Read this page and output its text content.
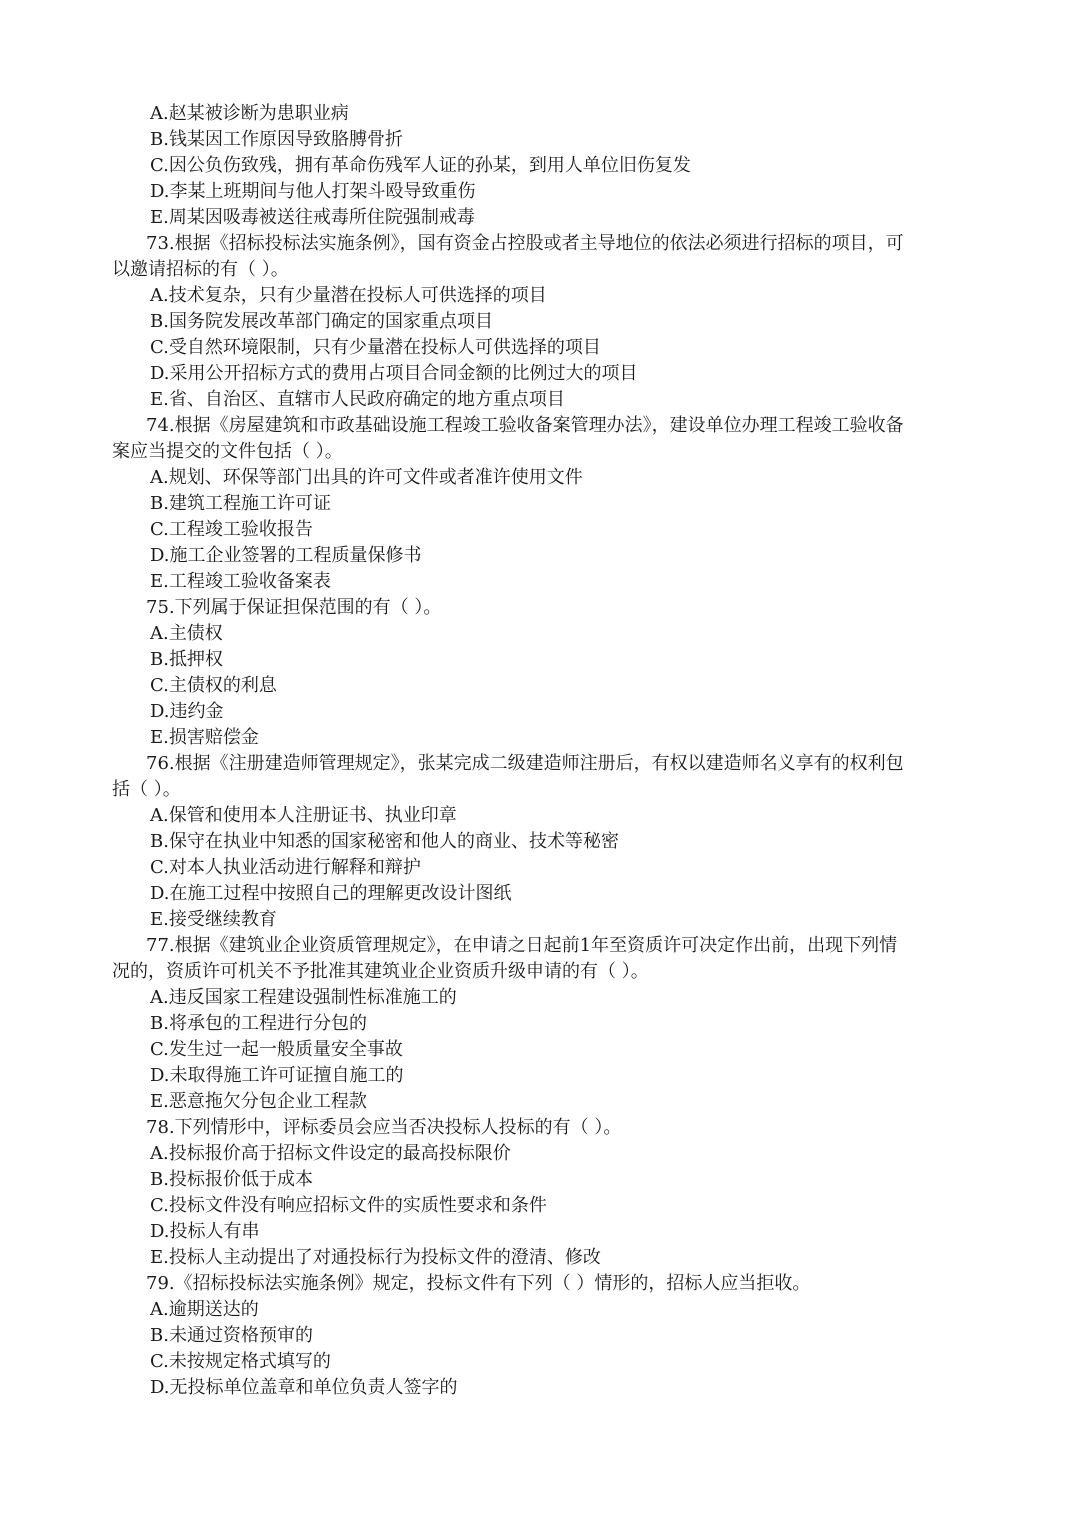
A.赵某被诊断为患职业病
B.钱某因工作原因导致胳膊骨折
C.因公负伤致残，拥有革命伤残军人证的孙某，到用人单位旧伤复发
D.李某上班期间与他人打架斗殴导致重伤
E.周某因吸毒被送往戒毒所住院强制戒毒
73.根据《招标投标法实施条例》，国有资金占控股或者主导地位的依法必须进行招标的项目，可
以邀请招标的有（ ）。
A.技术复杂，只有少量潜在投标人可供选择的项目
B.国务院发展改革部门确定的国家重点项目
C.受自然环境限制，只有少量潜在投标人可供选择的项目
D.采用公开招标方式的费用占项目合同金额的比例过大的项目
E.省、自治区、直辖市人民政府确定的地方重点项目
74.根据《房屋建筑和市政基础设施工程竣工验收备案管理办法》，建设单位办理工程竣工验收备
案应当提交的文件包括（ ）。
A.规划、环保等部门出具的许可文件或者准许使用文件
B.建筑工程施工许可证
C.工程竣工验收报告
D.施工企业签署的工程质量保修书
E.工程竣工验收备案表
75.下列属于保证担保范围的有（ ）。
A.主债权
B.抵押权
C.主债权的利息
D.违约金
E.损害赔偿金
76.根据《注册建造师管理规定》，张某完成二级建造师注册后，有权以建造师名义享有的权利包
括（ ）。
A.保管和使用本人注册证书、执业印章
B.保守在执业中知悉的国家秘密和他人的商业、技术等秘密
C.对本人执业活动进行解释和辩护
D.在施工过程中按照自己的理解更改设计图纸
E.接受继续教育
77.根据《建筑业企业资质管理规定》，在申请之日起前1年至资质许可决定作出前，出现下列情
况的，资质许可机关不予批准其建筑业企业资质升级申请的有（ ）。
A.违反国家工程建设强制性标准施工的
B.将承包的工程进行分包的
C.发生过一起一般质量安全事故
D.未取得施工许可证擅自施工的
E.恶意拖欠分包企业工程款
78.下列情形中，评标委员会应当否决投标人投标的有（ ）。
A.投标报价高于招标文件设定的最高投标限价
B.投标报价低于成本
C.投标文件没有响应招标文件的实质性要求和条件
D.投标人有串
E.投标人主动提出了对通投标行为投标文件的澄清、修改
79.《招标投标法实施条例》规定，投标文件有下列（ ）情形的，招标人应当拒收。
A.逾期送达的
B.未通过资格预审的
C.未按规定格式填写的
D.无投标单位盖章和单位负责人签字的
